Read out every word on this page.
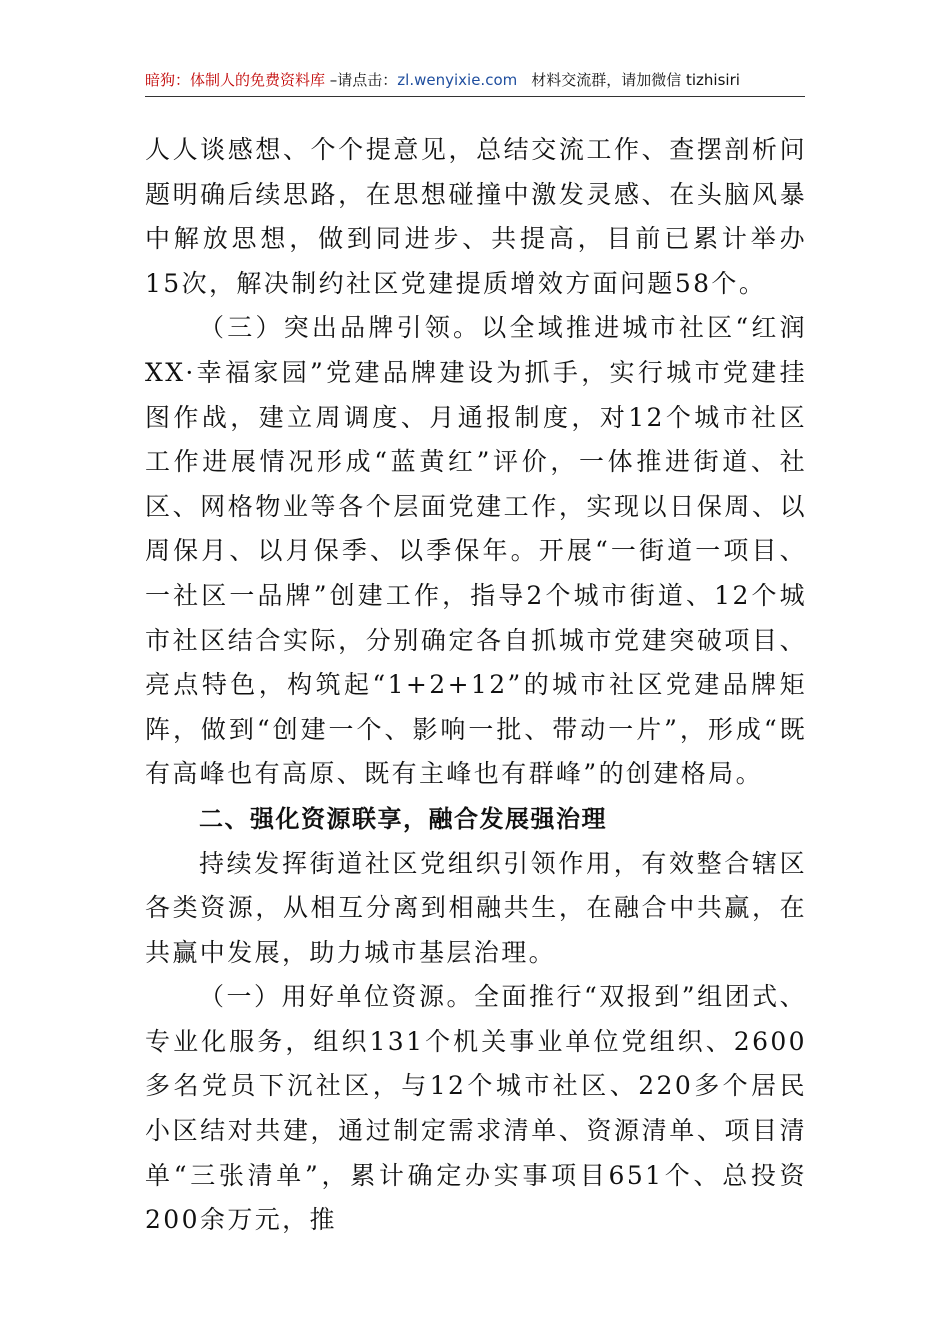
暗狗：体制人的免费资料库 –请点击：zl.wenyixie.com 材料交流群，请加微信 tizhisiri

人人谈感想、个个提意见，总结交流工作、查摆剖析问题明确后续思路，在思想碰撞中激发灵感、在头脑风暴中解放思想，做到同进步、共提高，目前已累计举办15次，解决制约社区党建提质增效方面问题58个。

（三）突出品牌引领。以全域推进城市社区“红润XX·幸福家园”党建品牌建设为抓手，实行城市党建挂图作战，建立周调度、月通报制度，对12个城市社区工作进展情况形成“蓝黄红”评价，一体推进街道、社区、网格物业等各个层面党建工作，实现以日保周、以周保月、以月保季、以季保年。开展“一街道一项目、一社区一品牌”创建工作，指导2个城市街道、12个城市社区结合实际，分别确定各自抓城市党建突破项目、亮点特色，构筑起“1+2+12”的城市社区党建品牌矩阵，做到“创建一个、影响一批、带动一片”，形成“既有高峰也有高原、既有主峰也有群峰”的创建格局。

二、强化资源联享，融合发展强治理

持续发挥街道社区党组织引领作用，有效整合辖区各类资源，从相互分离到相融共生，在融合中共赢，在共赢中发展，助力城市基层治理。

（一）用好单位资源。全面推行“双报到”组团式、专业化服务，组织131个机关事业单位党组织、2600多名党员下沉社区，与12个城市社区、220多个居民小区结对共建，通过制定需求清单、资源清单、项目清单“三张清单”，累计确定办实事项目651个、总投资200余万元，推
